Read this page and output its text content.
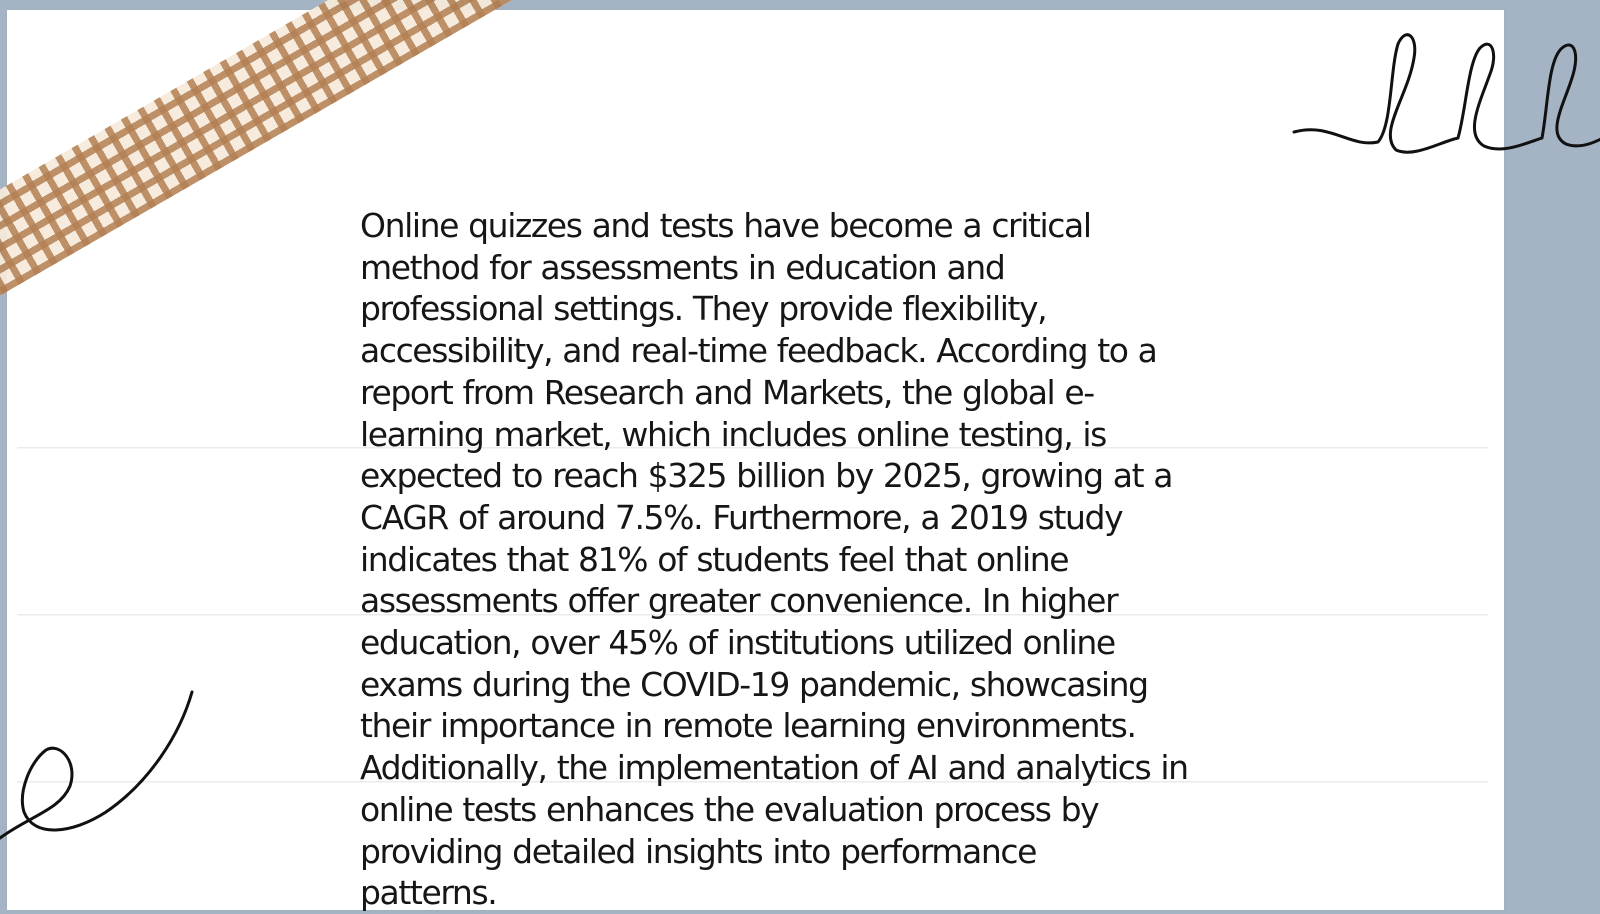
Online quizzes and tests have become a critical
method for assessments in education and
professional settings. They provide flexibility,
accessibility, and real-time feedback. According to a
report from Research and Markets, the global e-
learning market, which includes online testing, is
expected to reach $325 billion by 2025, growing at a
CAGR of around 7.5%. Furthermore, a 2019 study
indicates that 81% of students feel that online
assessments offer greater convenience. In higher
education, over 45% of institutions utilized online
exams during the COVID-19 pandemic, showcasing
their importance in remote learning environments.
Additionally, the implementation of AI and analytics in
online tests enhances the evaluation process by
providing detailed insights into performance
patterns.
